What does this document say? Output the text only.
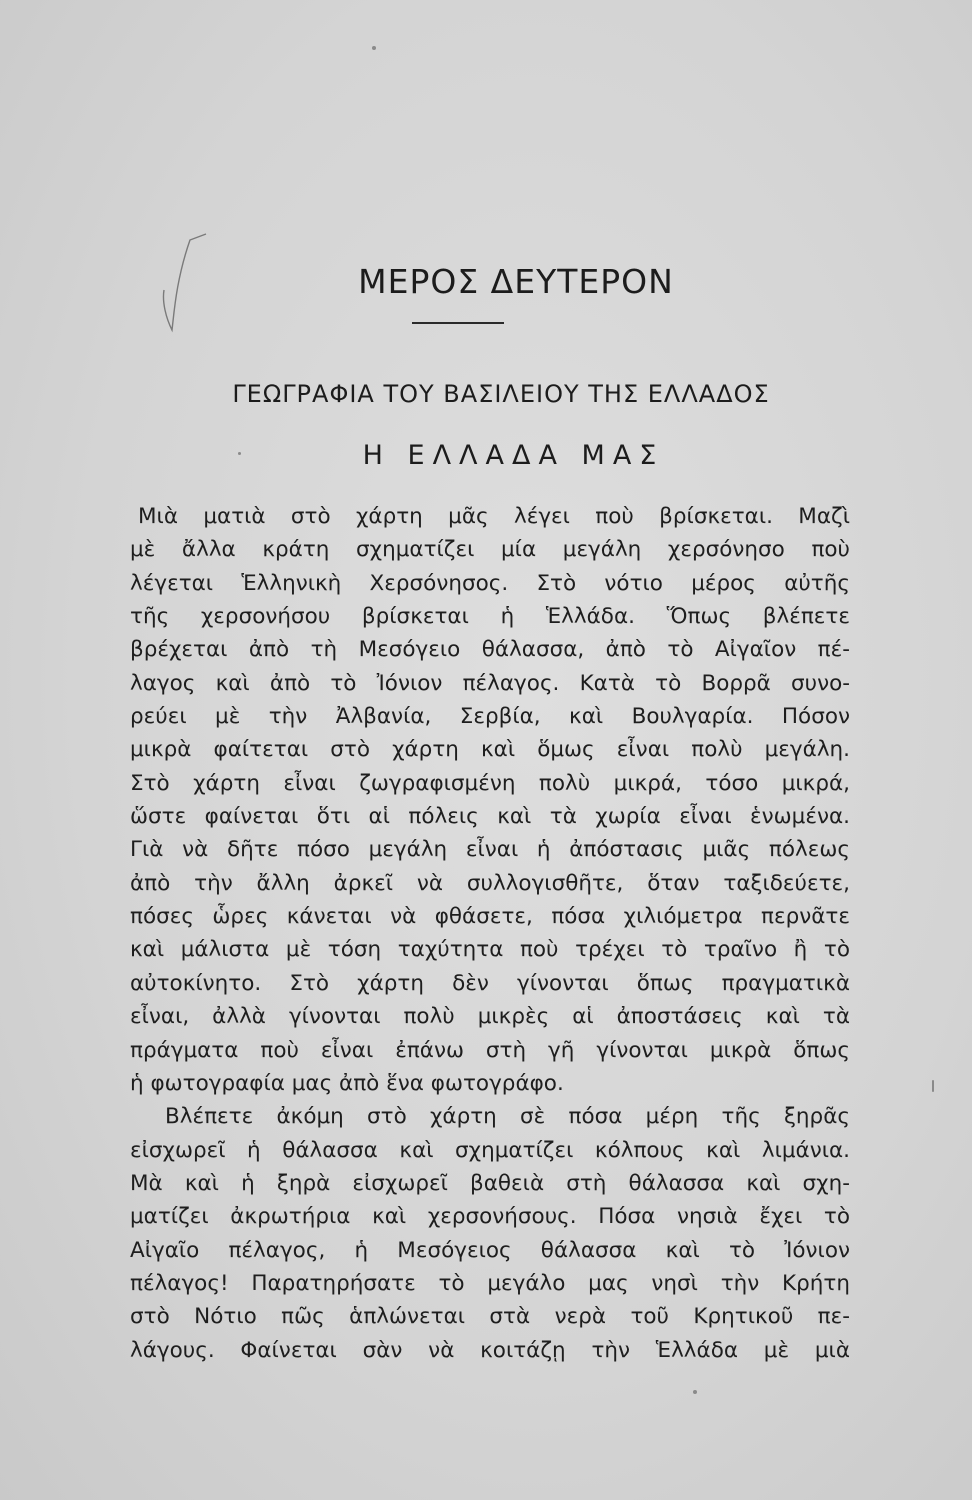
ΜΕΡΟΣ ΔΕΥΤΕΡΟΝ
ΓΕΩΓΡΑΦΙΑ ΤΟΥ ΒΑΣΙΛΕΙΟΥ ΤΗΣ ΕΛΛΑΔΟΣ
Η ΕΛΛΑΔΑ ΜΑΣ
Μιὰ ματιὰ στὸ χάρτη μᾶς λέγει ποὺ βρίσκεται. Μαζὶ
μὲ ἄλλα κράτη σχηματίζει μία μεγάλη χερσόνησο ποὺ
λέγεται Ἑλληνικὴ Χερσόνησος. Στὸ νότιο μέρος αὐτῆς
τῆς χερσονήσου βρίσκεται ἡ Ἑλλάδα. Ὅπως βλέπετε
βρέχεται ἀπὸ τὴ Μεσόγειο θάλασσα, ἀπὸ τὸ Αἰγαῖον πέ-
λαγος καὶ ἀπὸ τὸ Ἰόνιον πέλαγος. Κατὰ τὸ Βορρᾶ συνο-
ρεύει μὲ τὴν Ἀλβανία, Σερβία, καὶ Βουλγαρία. Πόσον
μικρὰ φαίτεται στὸ χάρτη καὶ ὅμως εἶναι πολὺ μεγάλη.
Στὸ χάρτη εἶναι ζωγραφισμένη πολὺ μικρά, τόσο μικρά,
ὥστε φαίνεται ὅτι αἱ πόλεις καὶ τὰ χωρία εἶναι ἑνωμένα.
Γιὰ νὰ δῆτε πόσο μεγάλη εἶναι ἡ ἀπόστασις μιᾶς πόλεως
ἀπὸ τὴν ἄλλη ἀρκεῖ νὰ συλλογισθῆτε, ὅταν ταξιδεύετε,
πόσες ὧρες κάνεται νὰ φθάσετε, πόσα χιλιόμετρα περνᾶτε
καὶ μάλιστα μὲ τόση ταχύτητα ποὺ τρέχει τὸ τραῖνο ἢ τὸ
αὐτοκίνητο. Στὸ χάρτη δὲν γίνονται ὅπως πραγματικὰ
εἶναι, ἀλλὰ γίνονται πολὺ μικρὲς αἱ ἀποστάσεις καὶ τὰ
πράγματα ποὺ εἶναι ἐπάνω στὴ γῆ γίνονται μικρὰ ὅπως
ἡ φωτογραφία μας ἀπὸ ἕνα φωτογράφο.
Βλέπετε ἀκόμη στὸ χάρτη σὲ πόσα μέρη τῆς ξηρᾶς
εἰσχωρεῖ ἡ θάλασσα καὶ σχηματίζει κόλπους καὶ λιμάνια.
Μὰ καὶ ἡ ξηρὰ εἰσχωρεῖ βαθειὰ στὴ θάλασσα καὶ σχη-
ματίζει ἀκρωτήρια καὶ χερσονήσους. Πόσα νησιὰ ἔχει τὸ
Αἰγαῖο πέλαγος, ἡ Μεσόγειος θάλασσα καὶ τὸ Ἰόνιον
πέλαγος! Παρατηρήσατε τὸ μεγάλο μας νησὶ τὴν Κρήτη
στὸ Νότιο πῶς ἁπλώνεται στὰ νερὰ τοῦ Κρητικοῦ πε-
λάγους. Φαίνεται σὰν νὰ κοιτάζῃ τὴν Ἑλλάδα μὲ μιὰ
